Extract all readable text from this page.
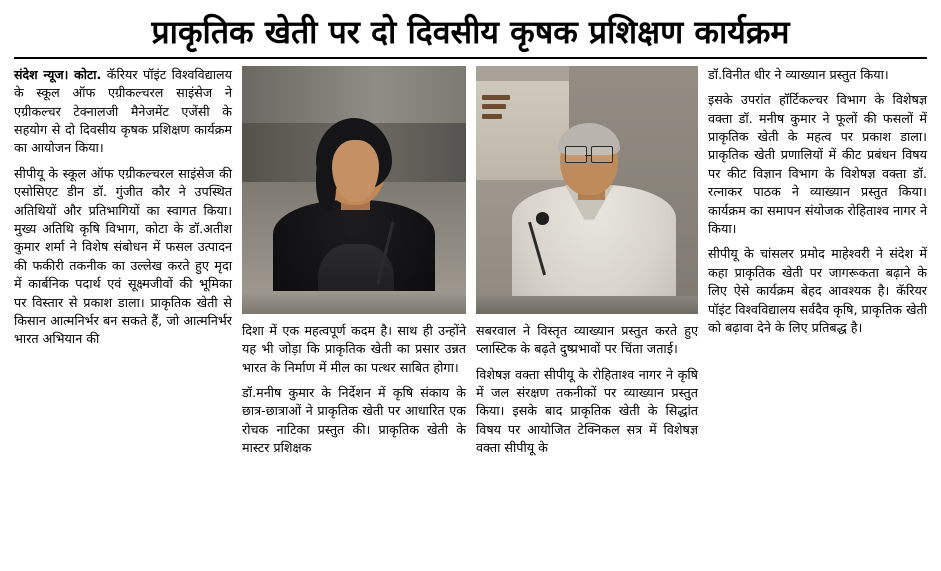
प्राकृतिक खेती पर दो दिवसीय कृषक प्रशिक्षण कार्यक्रम

संदेश न्यूज। कोटा. कॅरियर पॉइंट विश्वविद्यालय के स्कूल ऑफ एग्रीकल्चरल साइंसेज ने एग्रीकल्चर टेक्नालजी मैनेजमेंट एजेंसी के सहयोग से दो दिवसीय कृषक प्रशिक्षण कार्यक्रम का आयोजन किया।

सीपीयू के स्कूल ऑफ एग्रीकल्चरल साइंसेज की एसोसिएट डीन डॉ. गुंजीत कौर ने उपस्थित अतिथियों और प्रतिभागियों का स्वागत किया। मुख्य अतिथि कृषि विभाग, कोटा के डॉ.अतीश कुमार शर्मा ने विशेष संबोधन में फसल उत्पादन की फकीरी तकनीक का उल्लेख करते हुए मृदा में कार्बनिक पदार्थ एवं सूक्ष्मजीवों की भूमिका पर विस्तार से प्रकाश डाला। प्राकृतिक खेती से किसान आत्मनिर्भर बन सकते हैं, जो आत्मनिर्भर भारत अभियान की

दिशा में एक महत्वपूर्ण कदम है। साथ ही उन्होंने यह भी जोड़ा कि प्राकृतिक खेती का प्रसार उन्नत भारत के निर्माण में मील का पत्थर साबित होगा।

डॉ.मनीष कुमार के निर्देशन में कृषि संकाय के छात्र-छात्राओं ने प्राकृतिक खेती पर आधारित एक रोचक नाटिका प्रस्तुत की। प्राकृतिक खेती के मास्टर प्रशिक्षक

सबरवाल ने विस्तृत व्याख्यान प्रस्तुत करते हुए प्लास्टिक के बढ़ते दुष्प्रभावों पर चिंता जताई।

विशेषज्ञ वक्ता सीपीयू के रोहिताश्व नागर ने कृषि में जल संरक्षण तकनीकों पर व्याख्यान प्रस्तुत किया। इसके बाद प्राकृतिक खेती के सिद्धांत विषय पर आयोजित टेक्निकल सत्र में विशेषज्ञ वक्ता सीपीयू के

डॉ.विनीत धीर ने व्याख्यान प्रस्तुत किया।

इसके उपरांत हॉर्टिकल्चर विभाग के विशेषज्ञ वक्ता डॉ. मनीष कुमार ने फूलों की फसलों में प्राकृतिक खेती के महत्व पर प्रकाश डाला। प्राकृतिक खेती प्रणालियों में कीट प्रबंधन विषय पर कीट विज्ञान विभाग के विशेषज्ञ वक्ता डॉ. रत्नाकर पाठक ने व्याख्यान प्रस्तुत किया। कार्यक्रम का समापन संयोजक रोहिताश्व नागर ने किया।

सीपीयू के चांसलर प्रमोद माहेश्वरी ने संदेश में कहा प्राकृतिक खेती पर जागरूकता बढ़ाने के लिए ऐसे कार्यक्रम बेहद आवश्यक है। कॅरियर पॉइंट विश्वविद्यालय सर्वदैव कृषि, प्राकृतिक खेती को बढ़ावा देने के लिए प्रतिबद्ध है।
